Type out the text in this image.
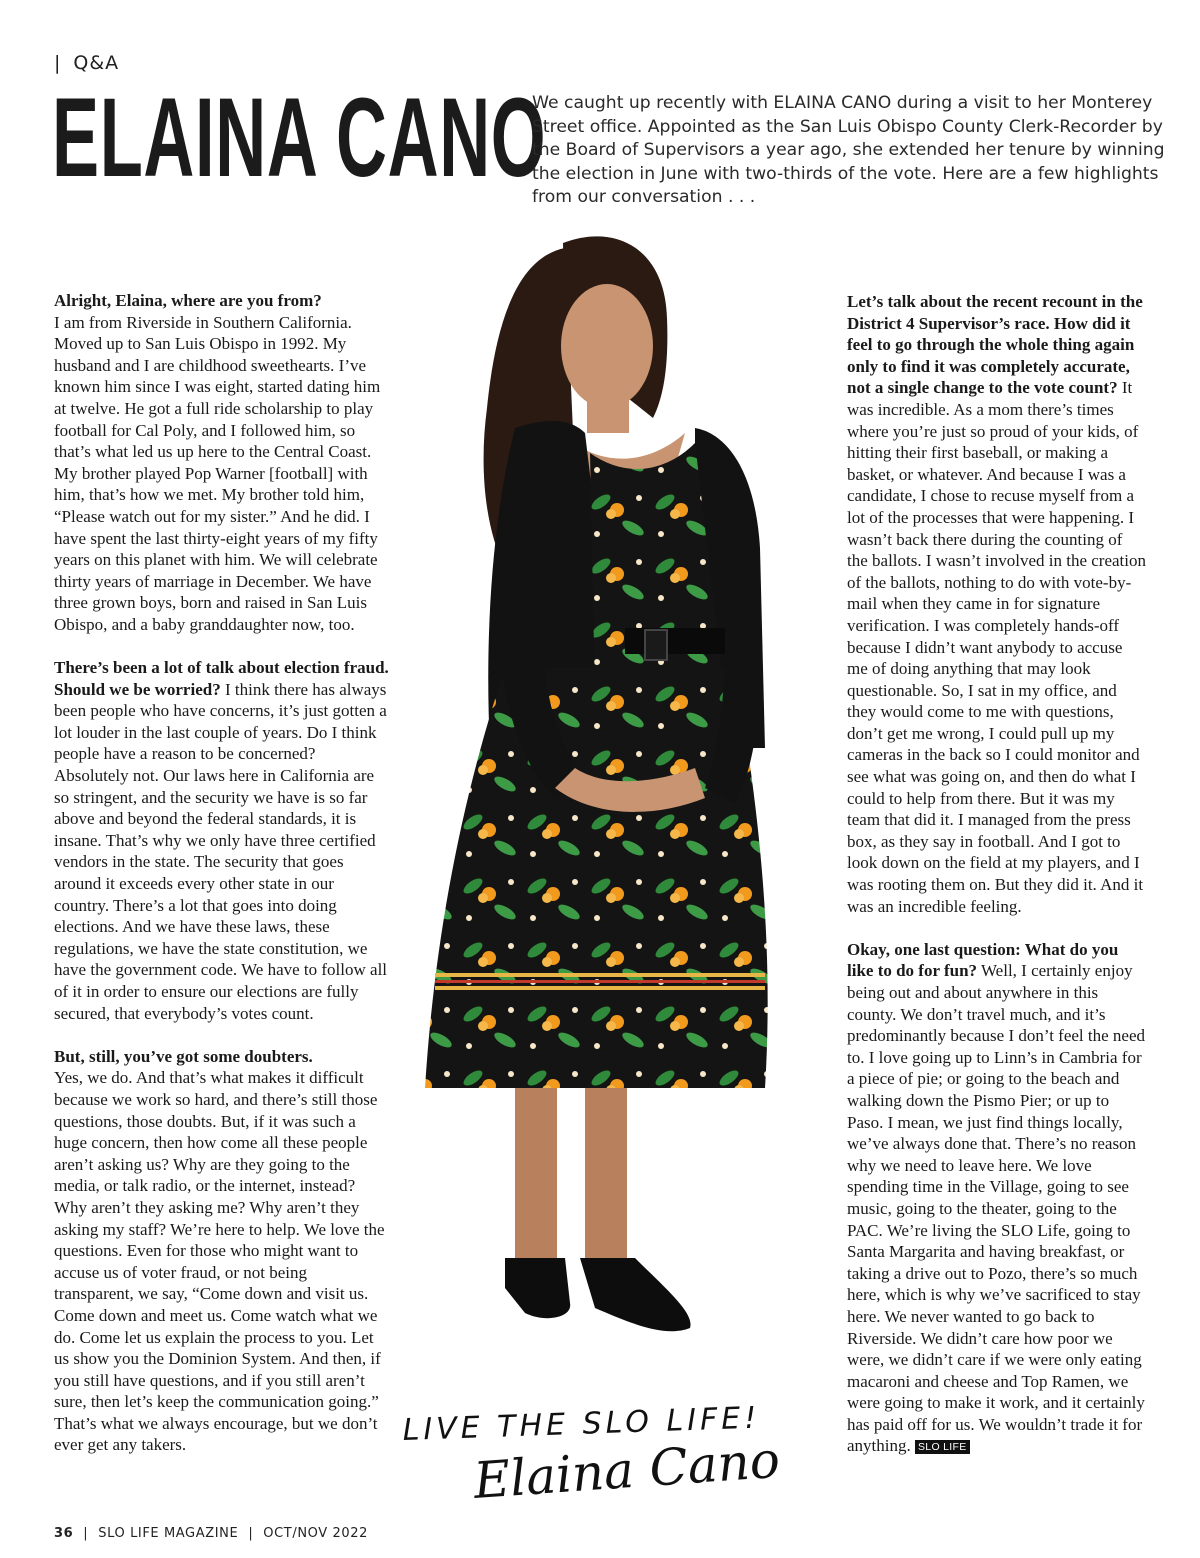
| Q&A
ELAINA CANO

We caught up recently with ELAINA CANO during a visit to her Monterey Street office. Appointed as the San Luis Obispo County Clerk-Recorder by the Board of Supervisors a year ago, she extended her tenure by winning the election in June with two-thirds of the vote. Here are a few highlights from our conversation . . .

Alright, Elaina, where are you from?
I am from Riverside in Southern California. Moved up to San Luis Obispo in 1992. My husband and I are childhood sweethearts. I’ve known him since I was eight, started dating him at twelve. He got a full ride scholarship to play football for Cal Poly, and I followed him, so that’s what led us up here to the Central Coast. My brother played Pop Warner [football] with him, that’s how we met. My brother told him, “Please watch out for my sister.” And he did. I have spent the last thirty-eight years of my fifty years on this planet with him. We will celebrate thirty years of marriage in December. We have three grown boys, born and raised in San Luis Obispo, and a baby granddaughter now, too.

There’s been a lot of talk about election fraud. Should we be worried? I think there has always been people who have concerns, it’s just gotten a lot louder in the last couple of years. Do I think people have a reason to be concerned? Absolutely not. Our laws here in California are so stringent, and the security we have is so far above and beyond the federal standards, it is insane. That’s why we only have three certified vendors in the state. The security that goes around it exceeds every other state in our country. There’s a lot that goes into doing elections. And we have these laws, these regulations, we have the state constitution, we have the government code. We have to follow all of it in order to ensure our elections are fully secured, that everybody’s votes count.

But, still, you’ve got some doubters.
Yes, we do. And that’s what makes it difficult because we work so hard, and there’s still those questions, those doubts. But, if it was such a huge concern, then how come all these people aren’t asking us? Why are they going to the media, or talk radio, or the internet, instead? Why aren’t they asking me? Why aren’t they asking my staff? We’re here to help. We love the questions. Even for those who might want to accuse us of voter fraud, or not being transparent, we say, “Come down and visit us. Come down and meet us. Come watch what we do. Come let us explain the process to you. Let us show you the Dominion System. And then, if you still have questions, and if you still aren’t sure, then let’s keep the communication going.” That’s what we always encourage, but we don’t ever get any takers.	LIVE THE SLO LIFE!
Elaina Cano

Let’s talk about the recent recount in the District 4 Supervisor’s race. How did it feel to go through the whole thing again only to find it was completely accurate, not a single change to the vote count? It was incredible. As a mom there’s times where you’re just so proud of your kids, of hitting their first baseball, or making a basket, or whatever. And because I was a candidate, I chose to recuse myself from a lot of the processes that were happening. I wasn’t back there during the counting of the ballots. I wasn’t involved in the creation of the ballots, nothing to do with vote-by-mail when they came in for signature verification. I was completely hands-off because I didn’t want anybody to accuse me of doing anything that may look questionable. So, I sat in my office, and they would come to me with questions, don’t get me wrong, I could pull up my cameras in the back so I could monitor and see what was going on, and then do what I could to help from there. But it was my team that did it. I managed from the press box, as they say in football. And I got to look down on the field at my players, and I was rooting them on. But they did it. And it was an incredible feeling.

Okay, one last question: What do you like to do for fun? Well, I certainly enjoy being out and about anywhere in this county. We don’t travel much, and it’s predominantly because I don’t feel the need to. I love going up to Linn’s in Cambria for a piece of pie; or going to the beach and walking down the Pismo Pier; or up to Paso. I mean, we just find things locally, we’ve always done that. There’s no reason why we need to leave here. We love spending time in the Village, going to see music, going to the theater, going to the PAC. We’re living the SLO Life, going to Santa Margarita and having breakfast, or taking a drive out to Pozo, there’s so much here, which is why we’ve sacrificed to stay here. We never wanted to go back to Riverside. We didn’t care how poor we were, we didn’t care if we were only eating macaroni and cheese and Top Ramen, we were going to make it work, and it certainly has paid off for us. We wouldn’t trade it for anything. SLO LIFE

36 | SLO LIFE MAGAZINE | OCT/NOV 2022
